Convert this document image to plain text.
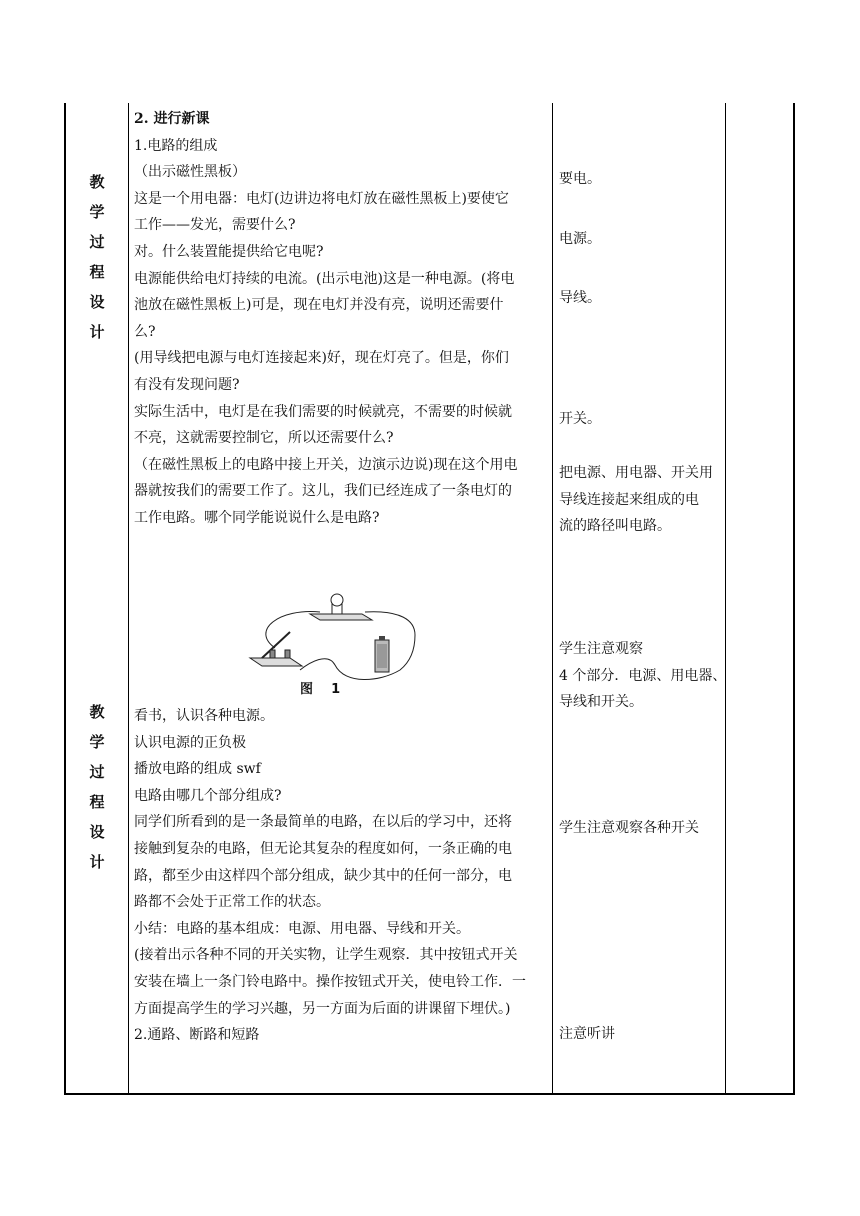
教
学
过
程
设
计
教
学
过
程
设
计

2. 进行新课

1.电路的组成

（出示磁性黑板）

这是一个用电器：电灯(边讲边将电灯放在磁性黑板上)要使它

工作——发光，需要什么?

对。什么装置能提供给它电呢?

电源能供给电灯持续的电流。(出示电池)这是一种电源。(将电

池放在磁性黑板上)可是，现在电灯并没有亮，说明还需要什

么?

(用导线把电源与电灯连接起来)好，现在灯亮了。但是，你们

有没有发现问题?

实际生活中，电灯是在我们需要的时候就亮，不需要的时候就

不亮，这就需要控制它，所以还需要什么?

（在磁性黑板上的电路中接上开关，边演示边说)现在这个用电

器就按我们的需要工作了。这儿，我们已经连成了一条电灯的

工作电路。哪个同学能说说什么是电路?

图    1

看书，认识各种电源。

认识电源的正负极

播放电路的组成 swf

电路由哪几个部分组成?

同学们所看到的是一条最简单的电路，在以后的学习中，还将

接触到复杂的电路，但无论其复杂的程度如何，一条正确的电

路，都至少由这样四个部分组成，缺少其中的任何一部分，电

路都不会处于正常工作的状态。

小结：电路的基本组成：电源、用电器、导线和开关。

(接着出示各种不同的开关实物，让学生观察．其中按钮式开关

安装在墙上一条门铃电路中。操作按钮式开关，使电铃工作．一

方面提高学生的学习兴趣，另一方面为后面的讲课留下埋伏。)

2.通路、断路和短路

要电。

电源。

导线。

开关。

把电源、用电器、开关用

导线连接起来组成的电

流的路径叫电路。

学生注意观察

4 个部分．电源、用电器、

导线和开关。

学生注意观察各种开关

注意听讲
